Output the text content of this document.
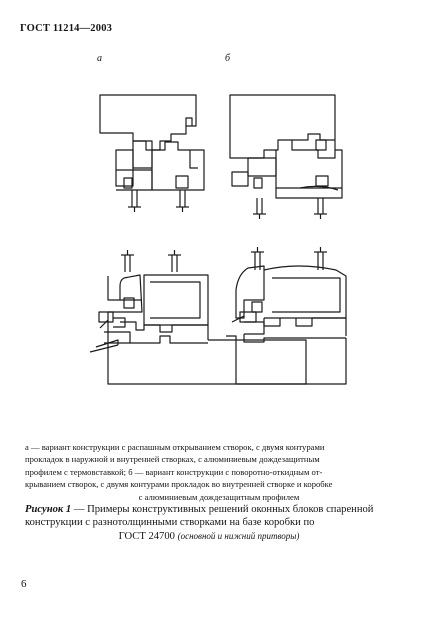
ГОСТ 11214—2003
а	б
а — вариант конструкции с распашным открыванием створок, с двумя контурами
прокладок в наружной и внутренней створках, с алюминиевым дождезащитным
профилем с термовставкой; б — вариант конструкции с поворотно-откидным от-
крыванием створок, с двумя контурами прокладок во внутренней створке и коробке

с алюминиевым дождезащитным профилем
Рисунок 1 — Примеры конструктивных решений оконных блоков спаренной
конструкции с разнотолщинными створками на базе коробки по

ГОСТ 24700 (основной и нижний притворы)
6
